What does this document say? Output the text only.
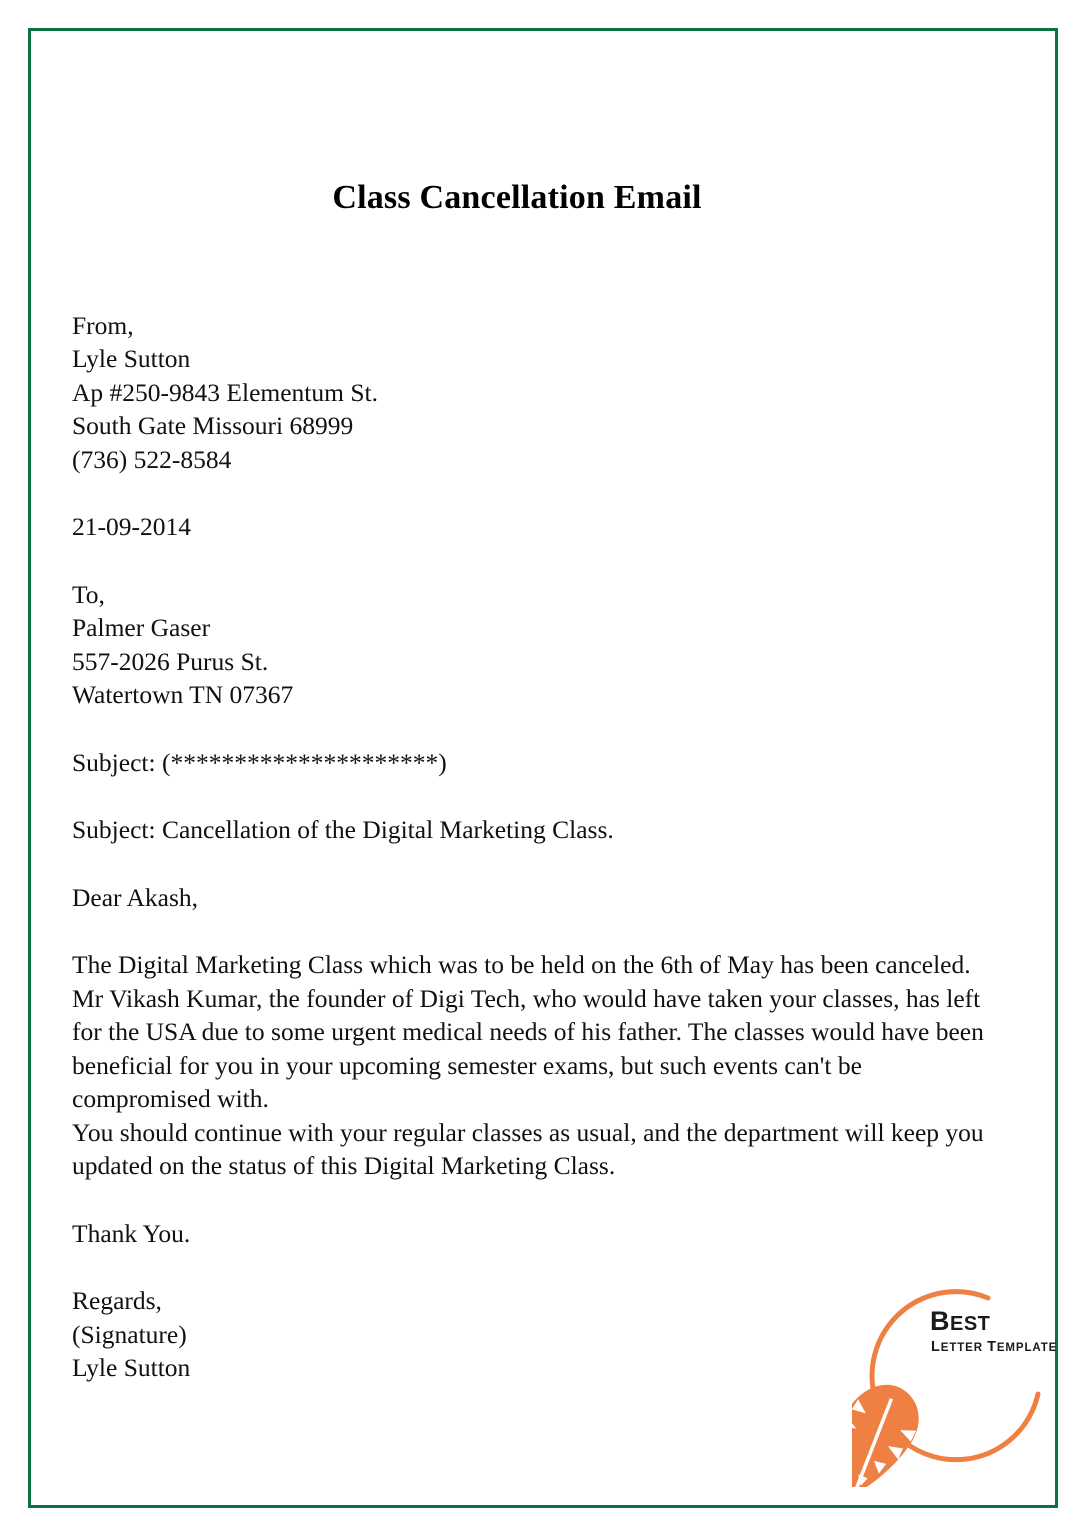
Class Cancellation Email
From,
Lyle Sutton
Ap #250-9843 Elementum St.
South Gate Missouri 68999
(736) 522-8584
21-09-2014
To,
Palmer Gaser
557-2026 Purus St.
Watertown TN 07367
Subject: (*********************)
Subject: Cancellation of the Digital Marketing Class.
Dear Akash,
The Digital Marketing Class which was to be held on the 6th of May has been canceled. Mr Vikash Kumar, the founder of Digi Tech, who would have taken your classes, has left for the USA due to some urgent medical needs of his father. The classes would have been beneficial for you in your upcoming semester exams, but such events can't be compromised with.
You should continue with your regular classes as usual, and the department will keep you updated on the status of this Digital Marketing Class.
Thank You.
Regards,
(Signature)
Lyle Sutton
BEST
LETTER TEMPLATE
